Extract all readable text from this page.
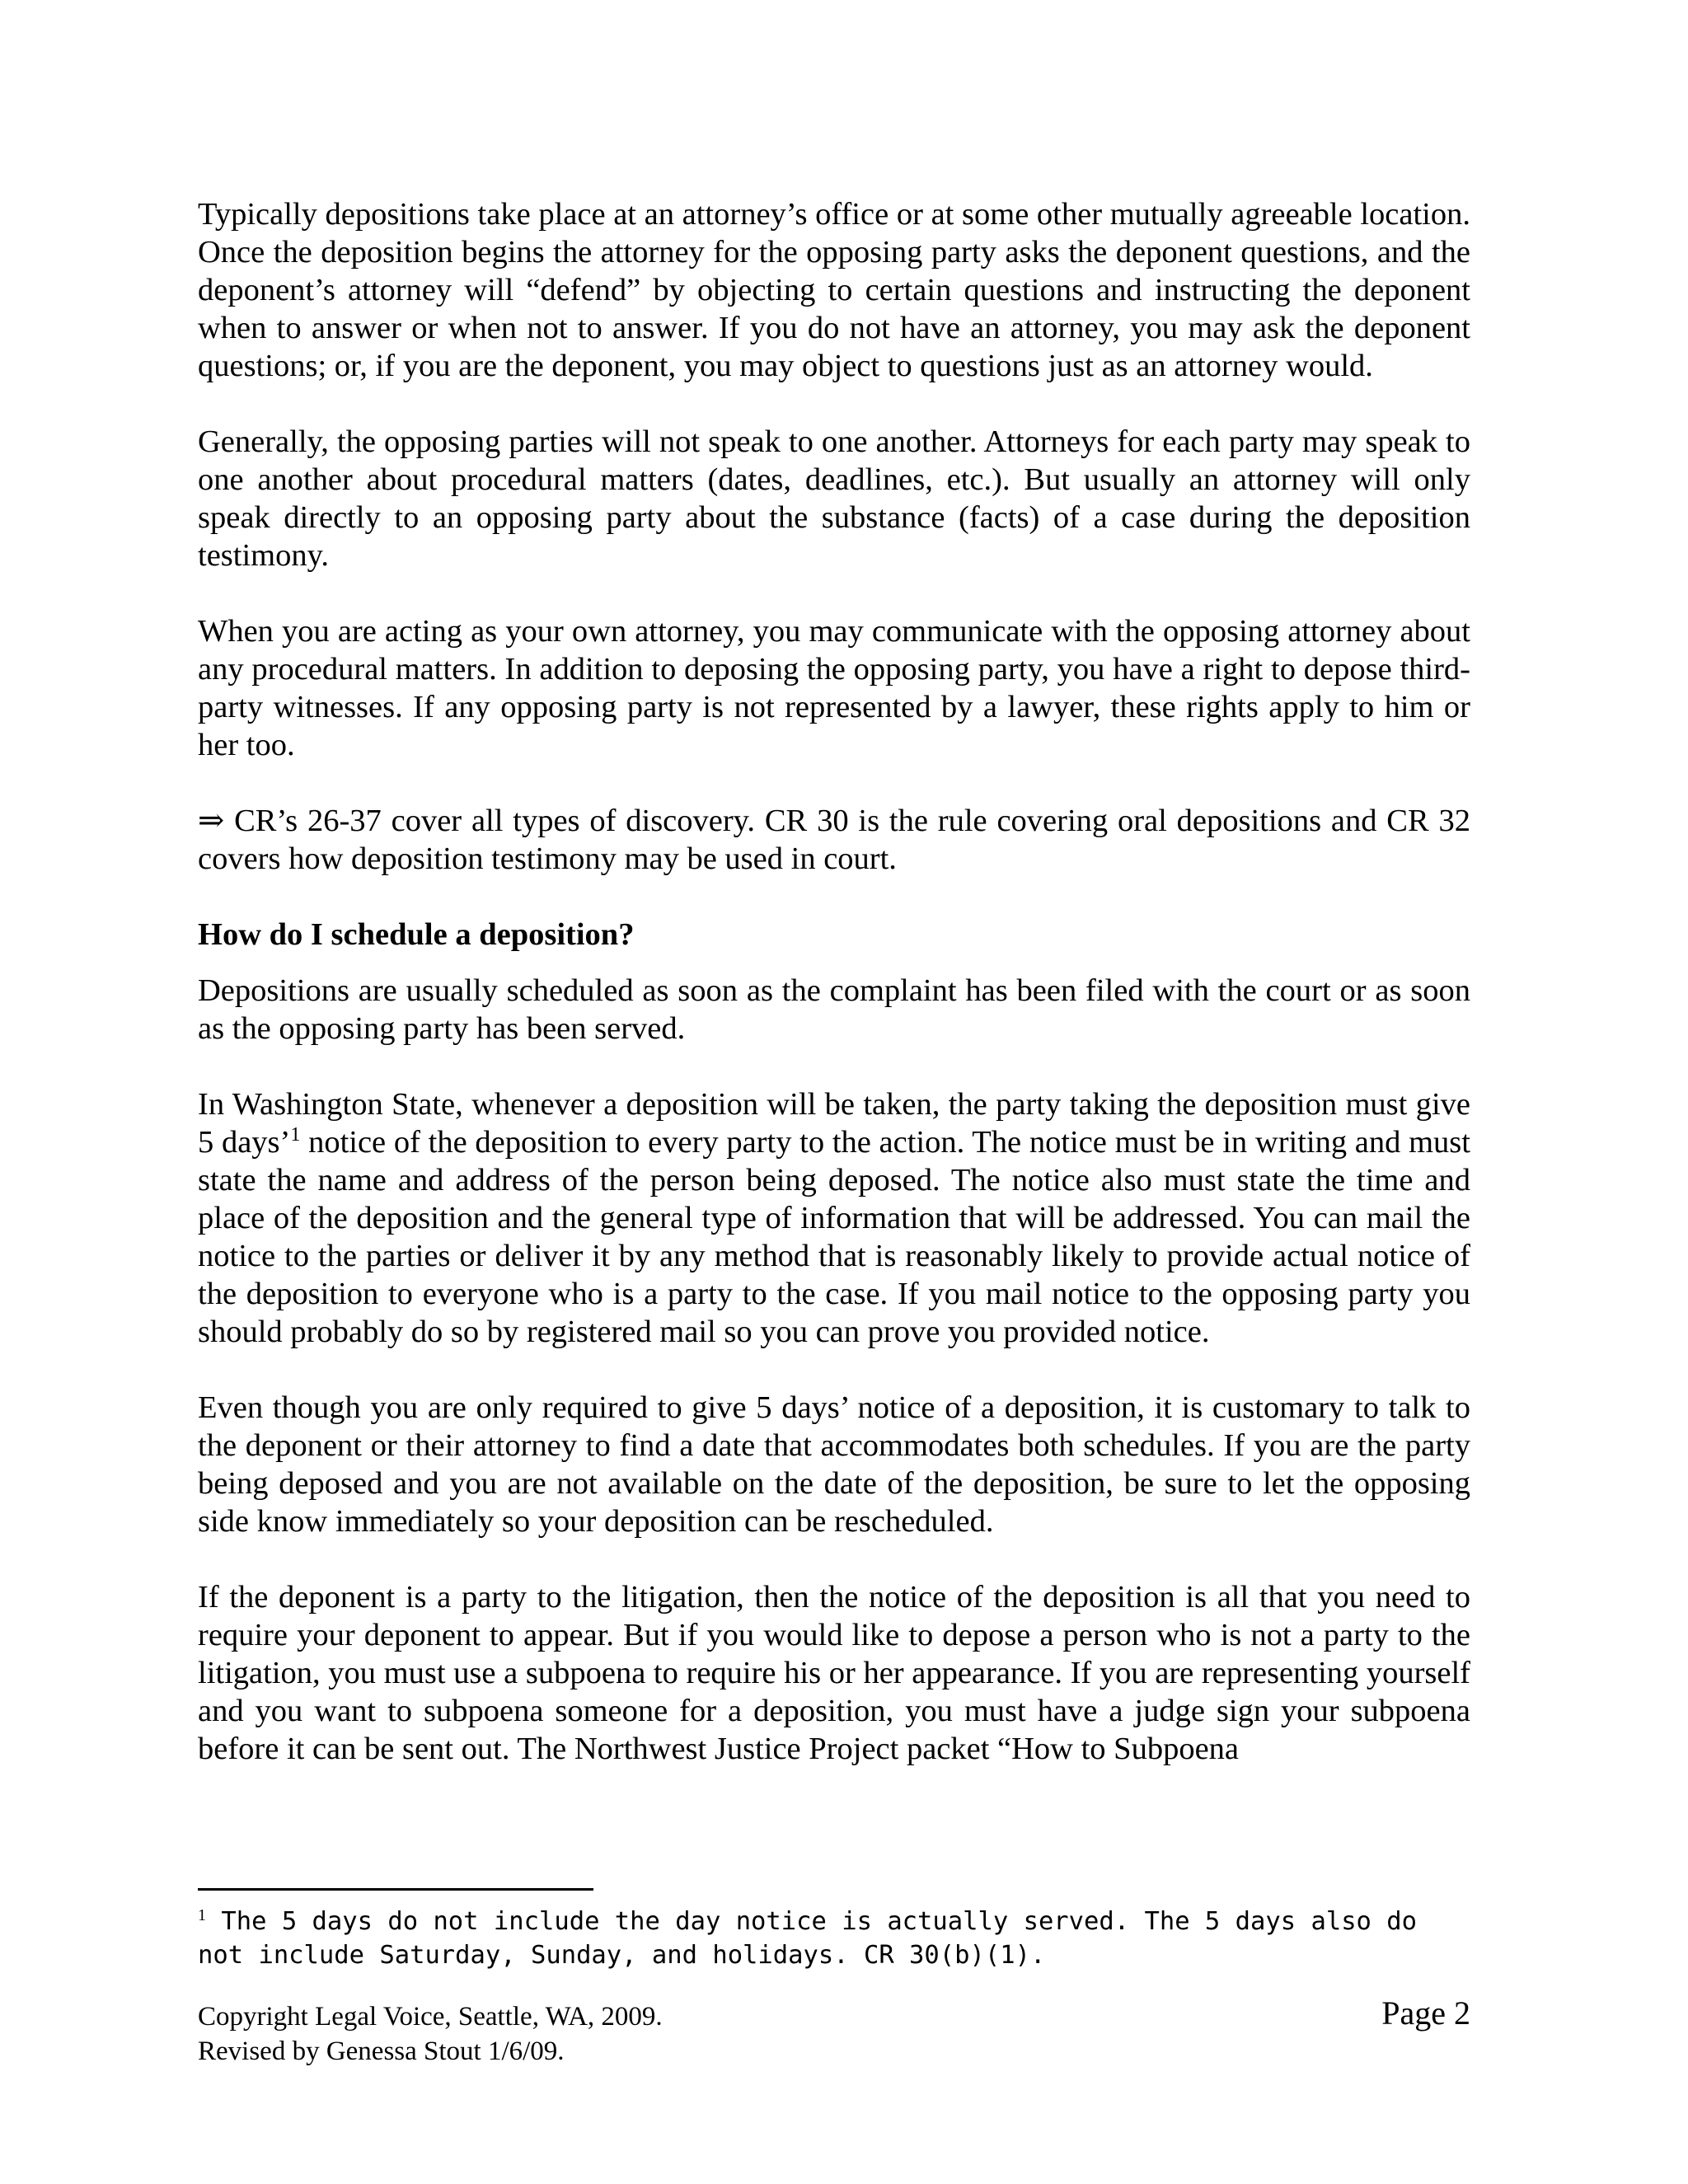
Typically depositions take place at an attorney’s office or at some other mutually agreeable location. Once the deposition begins the attorney for the opposing party asks the deponent questions, and the deponent’s attorney will “defend” by objecting to certain questions and instructing the deponent when to answer or when not to answer. If you do not have an attorney, you may ask the deponent questions; or, if you are the deponent, you may object to questions just as an attorney would.

Generally, the opposing parties will not speak to one another. Attorneys for each party may speak to one another about procedural matters (dates, deadlines, etc.). But usually an attorney will only speak directly to an opposing party about the substance (facts) of a case during the deposition testimony.

When you are acting as your own attorney, you may communicate with the opposing attorney about any procedural matters. In addition to deposing the opposing party, you have a right to depose third-party witnesses. If any opposing party is not represented by a lawyer, these rights apply to him or her too.

⇒ CR’s 26-37 cover all types of discovery. CR 30 is the rule covering oral depositions and CR 32 covers how deposition testimony may be used in court.

How do I schedule a deposition?

Depositions are usually scheduled as soon as the complaint has been filed with the court or as soon as the opposing party has been served.

In Washington State, whenever a deposition will be taken, the party taking the deposition must give 5 days’$^1$ notice of the deposition to every party to the action. The notice must be in writing and must state the name and address of the person being deposed. The notice also must state the time and place of the deposition and the general type of information that will be addressed. You can mail the notice to the parties or deliver it by any method that is reasonably likely to provide actual notice of the deposition to everyone who is a party to the case. If you mail notice to the opposing party you should probably do so by registered mail so you can prove you provided notice.

Even though you are only required to give 5 days’ notice of a deposition, it is customary to talk to the deponent or their attorney to find a date that accommodates both schedules. If you are the party being deposed and you are not available on the date of the deposition, be sure to let the opposing side know immediately so your deposition can be rescheduled.

If the deponent is a party to the litigation, then the notice of the deposition is all that you need to require your deponent to appear. But if you would like to depose a person who is not a party to the litigation, you must use a subpoena to require his or her appearance. If you are representing yourself and you want to subpoena someone for a deposition, you must have a judge sign your subpoena before it can be sent out. The Northwest Justice Project packet “How to Subpoena

$^1$ The 5 days do not include the day notice is actually served. The 5 days also do not include Saturday, Sunday, and holidays. CR 30(b)(1).

Copyright Legal Voice, Seattle, WA, 2009.
Revised by Genessa Stout 1/6/09.
Page 2
